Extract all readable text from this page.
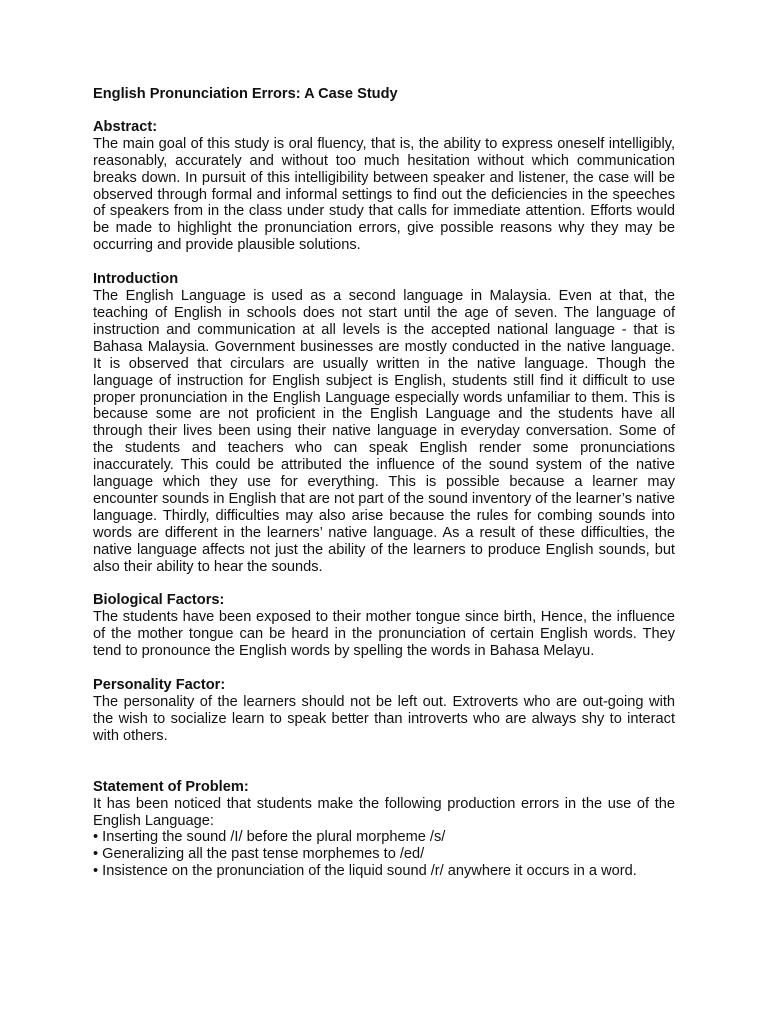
English Pronunciation Errors: A Case Study

Abstract:

The main goal of this study is oral fluency, that is, the ability to express oneself intelligibly, reasonably, accurately and without too much hesitation without which communication breaks down. In pursuit of this intelligibility between speaker and listener, the case will be observed through formal and informal settings to find out the deficiencies in the speeches of speakers from in the class under study that calls for immediate attention. Efforts would be made to highlight the pronunciation errors, give possible reasons why they may be occurring and provide plausible solutions.

Introduction

The English Language is used as a second language in Malaysia. Even at that, the teaching of English in schools does not start until the age of seven. The language of instruction and communication at all levels is the accepted national language - that is Bahasa Malaysia. Government businesses are mostly conducted in the native language. It is observed that circulars are usually written in the native language. Though the language of instruction for English subject is English, students still find it difficult to use proper pronunciation in the English Language especially words unfamiliar to them. This is because some are not proficient in the English Language and the students have all through their lives been using their native language in everyday conversation. Some of the students and teachers who can speak English render some pronunciations inaccurately. This could be attributed the influence of the sound system of the native language which they use for everything. This is possible because a learner may encounter sounds in English that are not part of the sound inventory of the learner’s native language. Thirdly, difficulties may also arise because the rules for combing sounds into words are different in the learners’ native language. As a result of these difficulties, the native language affects not just the ability of the learners to produce English sounds, but also their ability to hear the sounds.

Biological Factors:

The students have been exposed to their mother tongue since birth, Hence, the influence of the mother tongue can be heard in the pronunciation of certain English words. They tend to pronounce the English words by spelling the words in Bahasa Melayu.

Personality Factor:

The personality of the learners should not be left out. Extroverts who are out-going with the wish to socialize learn to speak better than introverts who are always shy to interact with others.

Statement of Problem:

It has been noticed that students make the following production errors in the use of the English Language:

• Inserting the sound /I/ before the plural morpheme /s/
• Generalizing all the past tense morphemes to /ed/
• Insistence on the pronunciation of the liquid sound /r/ anywhere it occurs in a word.
